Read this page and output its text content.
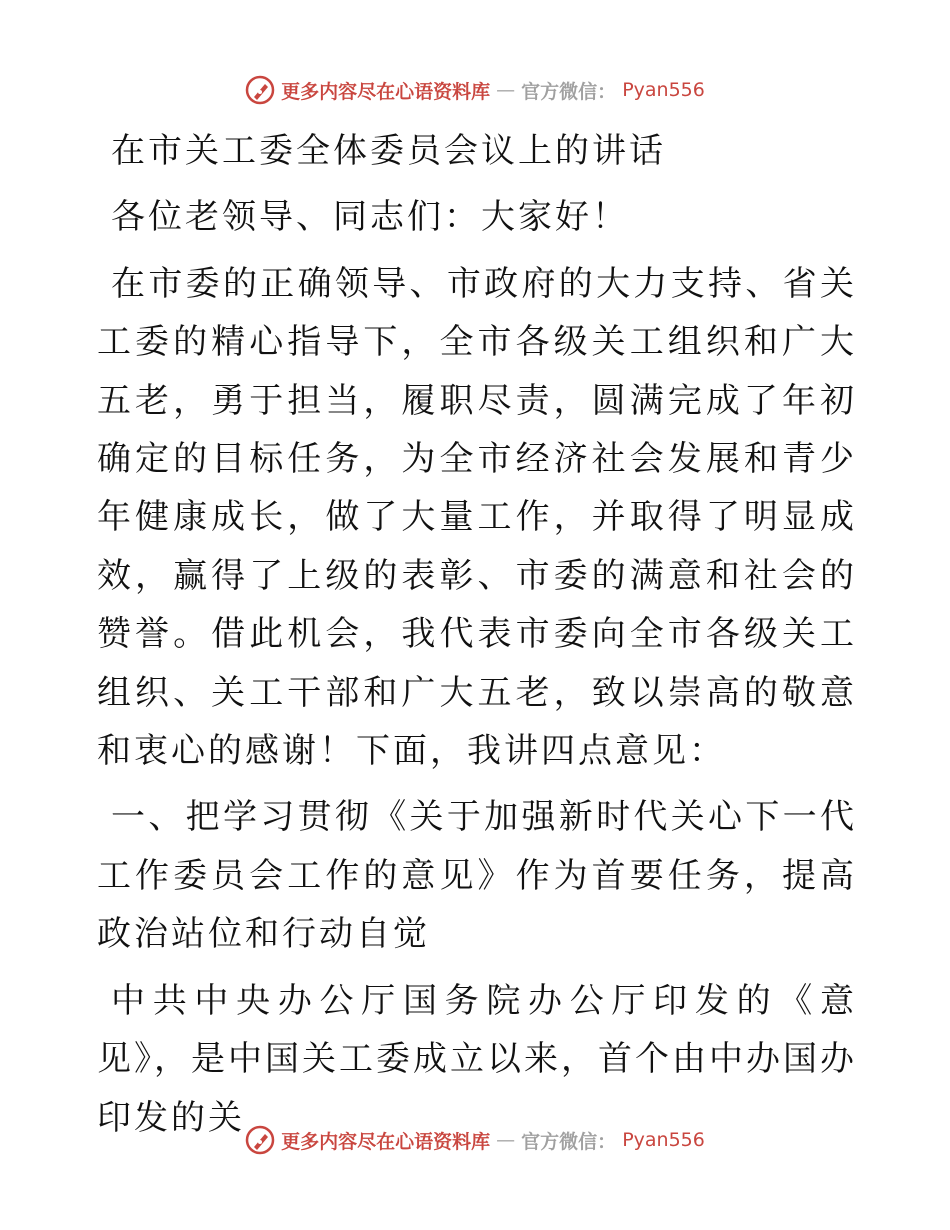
更多内容尽在心语资料库 — 官方微信： Pyan556

在市关工委全体委员会议上的讲话

各位老领导、同志们：大家好！

在市委的正确领导、市政府的大力支持、省关工委的精心指导下，全市各级关工组织和广大五老，勇于担当，履职尽责，圆满完成了年初确定的目标任务，为全市经济社会发展和青少年健康成长，做了大量工作，并取得了明显成效，赢得了上级的表彰、市委的满意和社会的赞誉。借此机会，我代表市委向全市各级关工组织、关工干部和广大五老，致以崇高的敬意和衷心的感谢！下面，我讲四点意见：

一、把学习贯彻《关于加强新时代关心下一代工作委员会工作的意见》作为首要任务，提高政治站位和行动自觉

中共中央办公厅国务院办公厅印发的《意见》，是中国关工委成立以来，首个由中办国办印发的关

更多内容尽在心语资料库 — 官方微信： Pyan556
